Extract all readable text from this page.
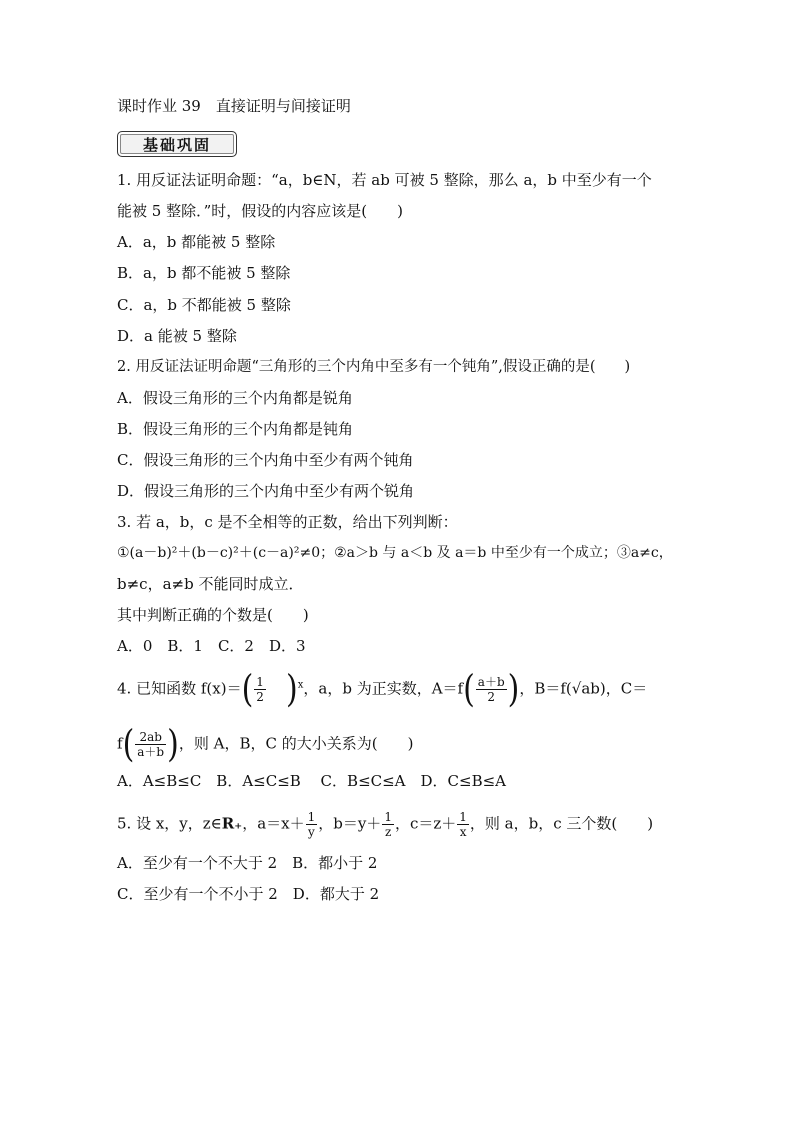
课时作业 39　直接证明与间接证明
基础巩固
1. 用反证法证明命题：“a，b∈N，若 ab 可被 5 整除，那么 a，b 中至少有一个
能被 5 整除．”时，假设的内容应该是(　　)
A．a，b 都能被 5 整除
B．a，b 都不能被 5 整除
C．a，b 不都能被 5 整除
D．a 能被 5 整除
2. 用反证法证明命题“三角形的三个内角中至多有一个钝角”,假设正确的是(　　)
A．假设三角形的三个内角都是锐角
B．假设三角形的三个内角都是钝角
C．假设三角形的三个内角中至少有两个钝角
D．假设三角形的三个内角中至少有两个锐角
3. 若 a，b，c 是不全相等的正数，给出下列判断：
①(a－b)²＋(b－c)²＋(c－a)²≠0；②a＞b 与 a＜b 及 a＝b 中至少有一个成立；③a≠c，
b≠c，a≠b 不能同时成立．
其中判断正确的个数是(　　)
A．0　B．1　C．2　D．3
4. 已知函数 $f(x)=( \frac{1}{2} )^x$，a，b 为正实数，$A=f( \frac{a+b}{2}$ )，B＝f(√ab)，C＝
$f( \frac{2ab}{a+b}$ )，则 A，B，C 的大小关系为(　　)
A．A≤B≤C　B．A≤C≤B　 C．B≤C≤A　D．C≤B≤A
5. 设 x，y，z∈R₊，$a=x+ \frac{1}{y}$ ，$b=y+ \frac{1}{z}$ ，$c=z+ \frac{1}{x}$ ，则 a，b，c 三个数(　　)
A．至少有一个不大于 2　B．都小于 2
C．至少有一个不小于 2　D．都大于 2
